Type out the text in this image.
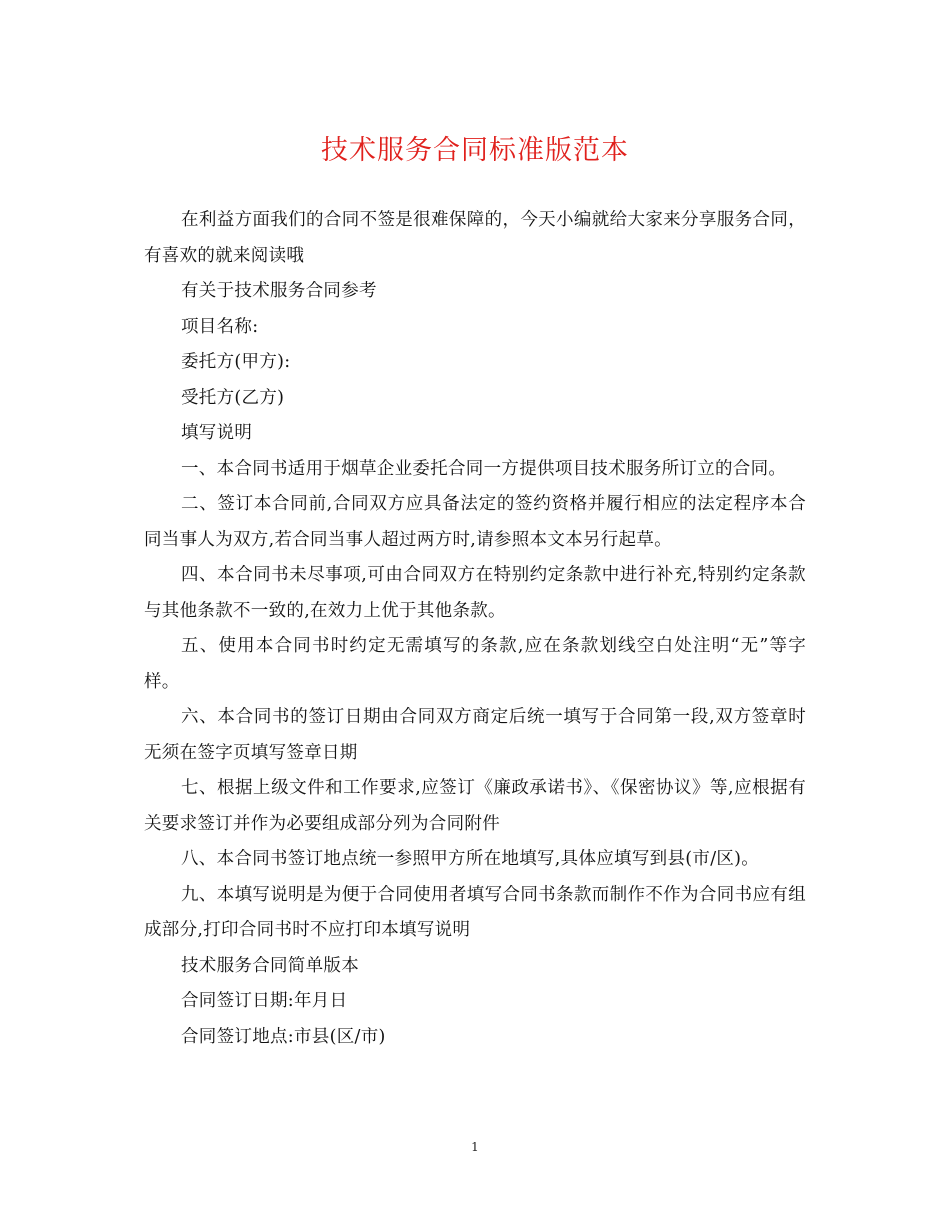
技术服务合同标准版范本

在利益方面我们的合同不签是很难保障的，今天小编就给大家来分享服务合同，有喜欢的就来阅读哦

有关于技术服务合同参考

项目名称:

委托方(甲方):

受托方(乙方)

填写说明

一、本合同书适用于烟草企业委托合同一方提供项目技术服务所订立的合同。

二、签订本合同前,合同双方应具备法定的签约资格并履行相应的法定程序本合同当事人为双方,若合同当事人超过两方时,请参照本文本另行起草。

四、本合同书未尽事项,可由合同双方在特别约定条款中进行补充,特别约定条款与其他条款不一致的,在效力上优于其他条款。

五、使用本合同书时约定无需填写的条款,应在条款划线空白处注明“无”等字样。

六、本合同书的签订日期由合同双方商定后统一填写于合同第一段,双方签章时无须在签字页填写签章日期

七、根据上级文件和工作要求,应签订《廉政承诺书》、《保密协议》等,应根据有关要求签订并作为必要组成部分列为合同附件

八、本合同书签订地点统一参照甲方所在地填写,具体应填写到县(市/区)。

九、本填写说明是为便于合同使用者填写合同书条款而制作不作为合同书应有组成部分,打印合同书时不应打印本填写说明

技术服务合同简单版本

合同签订日期:年月日

合同签订地点:市县(区/市)

1
